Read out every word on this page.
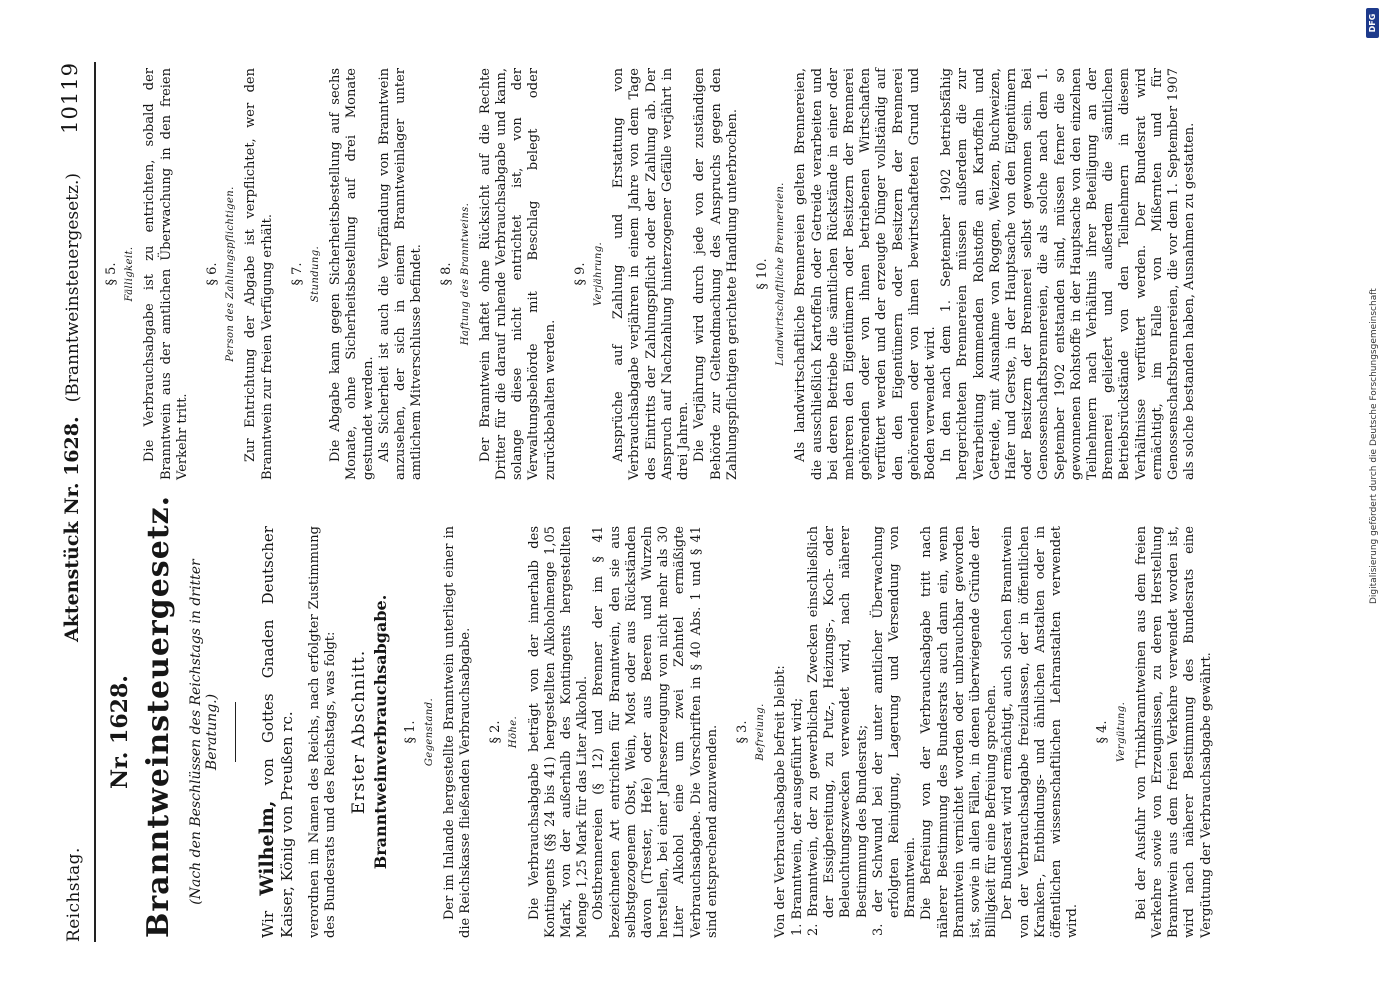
Reichstag.
Aktenstück Nr. 1628.(Branntweinsteuergesetz.)
10119
Nr. 1628. Branntweinsteuergesetz. (Nach den Beschlüssen des Reichstags in dritter Beratung.)
Wir Wilhelm, von Gottes Gnaden Deutscher Kaiser, König von Preußen rc. verordnen im Namen des Reichs, nach erfolgter Zustimmung des Bundesrats und des Reichstags, was folgt: Erster Abschnitt. Branntweinverbrauchsabgabe. § 1. Gegenstand. Der im Inlande hergestellte Branntwein unterliegt einer in die Reichskasse fließenden Verbrauchsabgabe. § 2. Höhe. Die Verbrauchsabgabe beträgt von der innerhalb des Kontingents (§§ 24 bis 41) hergestellten Alkoholmenge 1,05 Mark, von der außerhalb des Kontingents hergestellten Menge 1,25 Mark für das Liter Alkohol. Obstbrennereien (§ 12) und Brenner der im § 41 bezeichneten Art entrichten für Branntwein, den sie aus selbstgezogenem Obst, Wein, Most oder aus Rückständen davon (Trester, Hefe) oder aus Beeren und Wurzeln herstellen, bei einer Jahreserzeugung von nicht mehr als 30 Liter Alkohol eine um zwei Zehntel ermäßigte Verbrauchsabgabe. Die Vorschriften in § 40 Abs. 1 und § 41 sind entsprechend anzuwenden. § 3. Befreiung. Von der Verbrauchsabgabe befreit bleibt: 1. Branntwein, der ausgeführt wird; 2. Branntwein, der zu gewerblichen Zwecken einschließlich der Essigbereitung, zu Putz-, Heizungs-, Koch- oder Beleuchtungszwecken verwendet wird, nach näherer Bestimmung des Bundesrats; 3. der Schwund bei der unter amtlicher Überwachung erfolgten Reinigung, Lagerung und Versendung von Branntwein. Die Befreiung von der Verbrauchsabgabe tritt nach näherer Bestimmung des Bundesrats auch dann ein, wenn Branntwein vernichtet worden oder unbrauchbar geworden ist, sowie in allen Fällen, in denen überwiegende Gründe der Billigkeit für eine Befreiung sprechen. Der Bundesrat wird ermächtigt, auch solchen Branntwein von der Verbrauchsabgabe freizulassen, der in öffentlichen Kranken-, Entbindungs- und ähnlichen Anstalten oder in öffentlichen wissenschaftlichen Lehranstalten verwendet wird.

§ 4. Vergütung. Bei der Ausfuhr von Trinkbranntweinen aus dem freien Verkehre sowie von Erzeugnissen, zu deren Herstellung Branntwein aus dem freien Verkehre verwendet worden ist, wird nach näherer Bestimmung des Bundesrats eine Vergütung der Verbrauchsabgabe gewährt.

§ 5. Fälligkeit. Die Verbrauchsabgabe ist zu entrichten, sobald der Branntwein aus der amtlichen Überwachung in den freien Verkehr tritt.

§ 6. Person des Zahlungspflichtigen. Zur Entrichtung der Abgabe ist verpflichtet, wer den Branntwein zur freien Verfügung erhält. § 7. Stundung. Die Abgabe kann gegen Sicherheitsbestellung auf sechs Monate, ohne Sicherheitsbestellung auf drei Monate gestundet werden. Als Sicherheit ist auch die Verpfändung von Branntwein anzusehen, der sich in einem Branntweinlager unter amtlichem Mitverschlusse befindet. § 8. Haftung des Branntweins. Der Branntwein haftet ohne Rücksicht auf die Rechte Dritter für die darauf ruhende Verbrauchsabgabe und kann, solange diese nicht entrichtet ist, von der Verwaltungsbehörde mit Beschlag belegt oder zurückbehalten werden.

§ 9. Verjährung. Ansprüche auf Zahlung und Erstattung von Verbrauchsabgabe verjähren in einem Jahre von dem Tage des Eintritts der Zahlungspflicht oder der Zahlung ab. Der Anspruch auf Nachzahlung hinterzogener Gefälle verjährt in drei Jahren. Die Verjährung wird durch jede von der zuständigen Behörde zur Geltendmachung des Anspruchs gegen den Zahlungspflichtigen gerichtete Handlung unterbrochen. § 10. Landwirtschaftliche Brennereien. Als landwirtschaftliche Brennereien gelten Brennereien, die ausschließlich Kartoffeln oder Getreide verarbeiten und bei deren Betriebe die sämtlichen Rückstände in einer oder mehreren den Eigentümern oder Besitzern der Brennerei gehörenden oder von ihnen betriebenen Wirtschaften verfüttert werden und der erzeugte Dünger vollständig auf den den Eigentümern oder Besitzern der Brennerei gehörenden oder von ihnen bewirtschafteten Grund und Boden verwendet wird. In den nach dem 1. September 1902 betriebsfähig hergerichteten Brennereien müssen außerdem die zur Verarbeitung kommenden Rohstoffe an Kartoffeln und Getreide, mit Ausnahme von Roggen, Weizen, Buchweizen, Hafer und Gerste, in der Hauptsache von den Eigentümern oder Besitzern der Brennerei selbst gewonnen sein. Bei Genossenschaftsbrennereien, die als solche nach dem 1. September 1902 entstanden sind, müssen ferner die so gewonnenen Rohstoffe in der Hauptsache von den einzelnen Teilnehmern nach Verhältnis ihrer Beteiligung an der Brennerei geliefert und außerdem die sämtlichen Betriebsrückstände von den Teilnehmern in diesem Verhältnisse verfüttert werden. Der Bundesrat wird ermächtigt, im Falle von Mißernten und für Genossenschaftsbrennereien, die vor dem 1. September 1907 als solche bestanden haben, Ausnahmen zu gestatten.

DFG
Digitalisierung gefördert durch die Deutsche Forschungsgemeinschaft
